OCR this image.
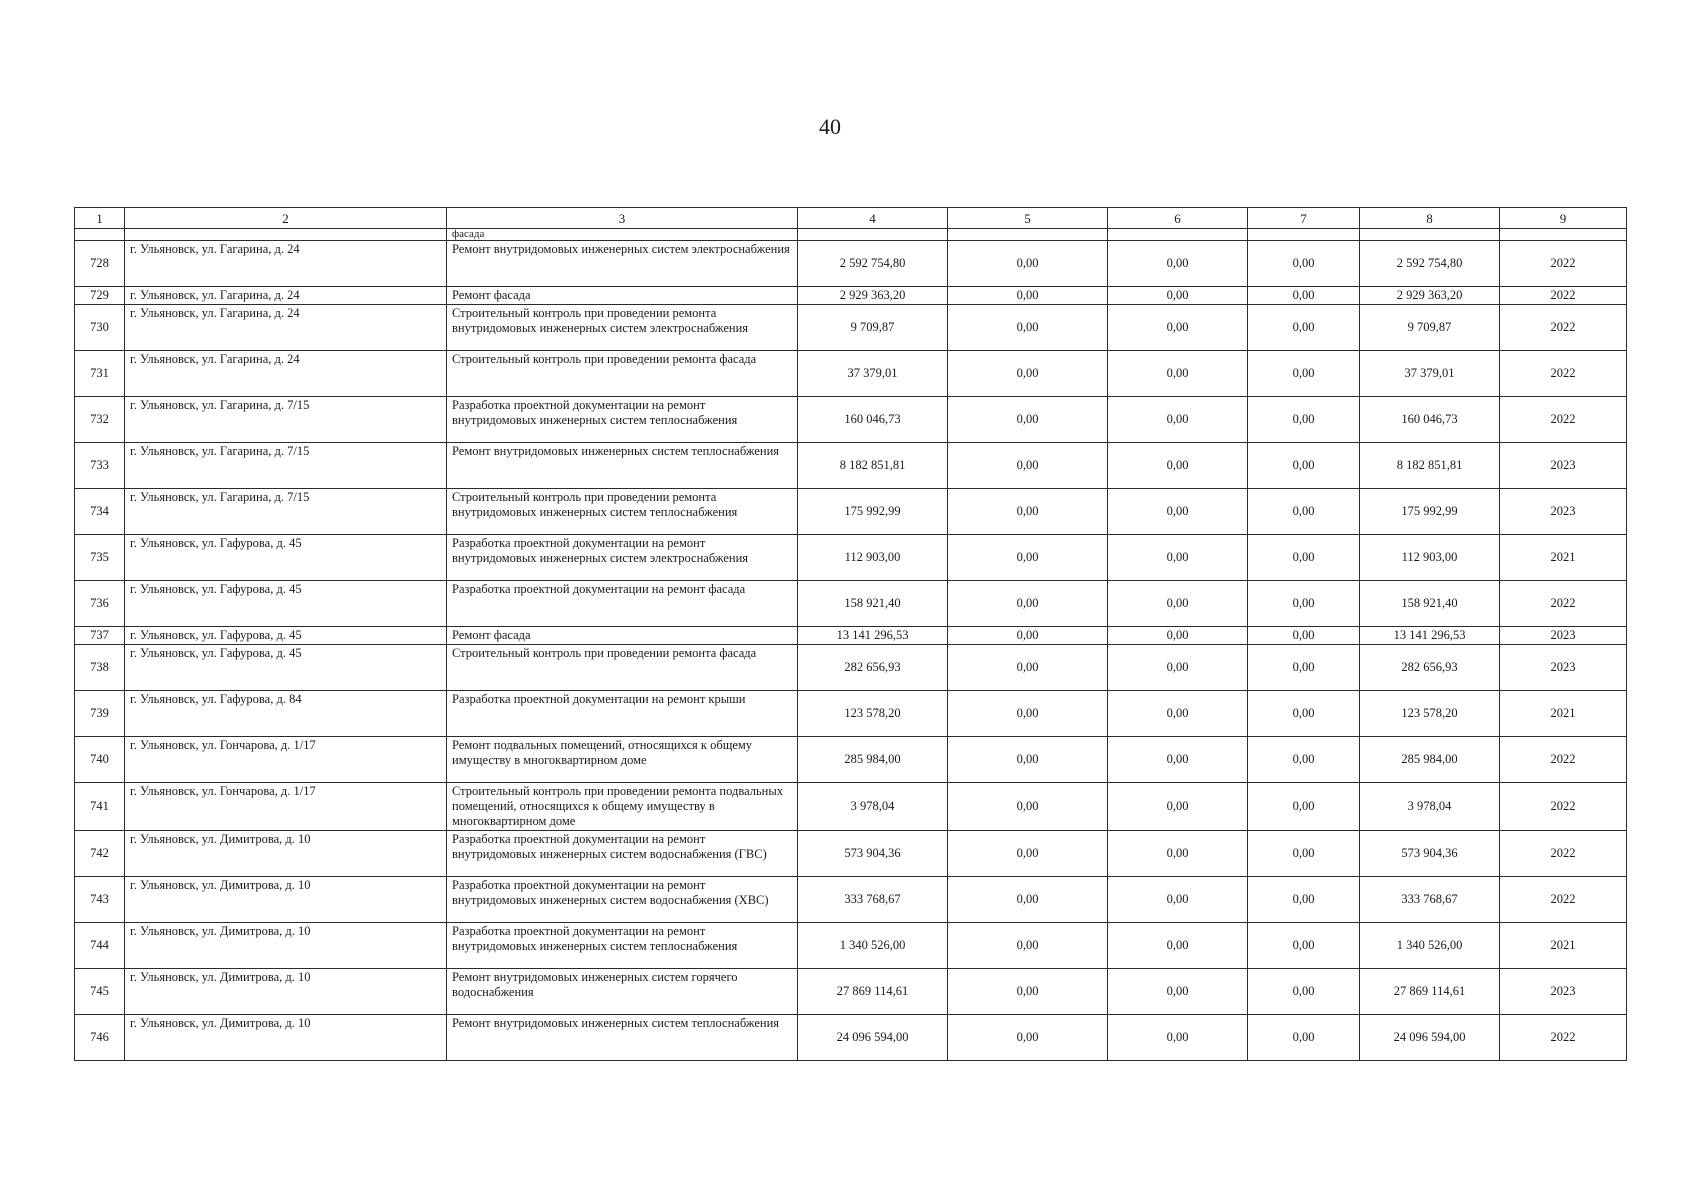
40
1	2	3	4	5	6	7	8	9
		фасада						
728	г. Ульяновск, ул. Гагарина, д. 24	Ремонт внутридомовых инженерных систем электроснабжения	2 592 754,80	0,00	0,00	0,00	2 592 754,80	2022
729	г. Ульяновск, ул. Гагарина, д. 24	Ремонт фасада	2 929 363,20	0,00	0,00	0,00	2 929 363,20	2022
730	г. Ульяновск, ул. Гагарина, д. 24	Строительный контроль при проведении ремонта внутридомовых инженерных систем электроснабжения	9 709,87	0,00	0,00	0,00	9 709,87	2022
731	г. Ульяновск, ул. Гагарина, д. 24	Строительный контроль при проведении ремонта фасада	37 379,01	0,00	0,00	0,00	37 379,01	2022
732	г. Ульяновск, ул. Гагарина, д. 7/15	Разработка проектной документации на ремонт внутридомовых инженерных систем теплоснабжения	160 046,73	0,00	0,00	0,00	160 046,73	2022
733	г. Ульяновск, ул. Гагарина, д. 7/15	Ремонт внутридомовых инженерных систем теплоснабжения	8 182 851,81	0,00	0,00	0,00	8 182 851,81	2023
734	г. Ульяновск, ул. Гагарина, д. 7/15	Строительный контроль при проведении ремонта внутридомовых инженерных систем теплоснабжения	175 992,99	0,00	0,00	0,00	175 992,99	2023
735	г. Ульяновск, ул. Гафурова, д. 45	Разработка проектной документации на ремонт внутридомовых инженерных систем электроснабжения	112 903,00	0,00	0,00	0,00	112 903,00	2021
736	г. Ульяновск, ул. Гафурова, д. 45	Разработка проектной документации на ремонт фасада	158 921,40	0,00	0,00	0,00	158 921,40	2022
737	г. Ульяновск, ул. Гафурова, д. 45	Ремонт фасада	13 141 296,53	0,00	0,00	0,00	13 141 296,53	2023
738	г. Ульяновск, ул. Гафурова, д. 45	Строительный контроль при проведении ремонта фасада	282 656,93	0,00	0,00	0,00	282 656,93	2023
739	г. Ульяновск, ул. Гафурова, д. 84	Разработка проектной документации на ремонт крыши	123 578,20	0,00	0,00	0,00	123 578,20	2021
740	г. Ульяновск, ул. Гончарова, д. 1/17	Ремонт подвальных помещений, относящихся к общему имуществу в многоквартирном доме	285 984,00	0,00	0,00	0,00	285 984,00	2022
741	г. Ульяновск, ул. Гончарова, д. 1/17	Строительный контроль при проведении ремонта подвальных помещений, относящихся к общему имуществу в многоквартирном доме	3 978,04	0,00	0,00	0,00	3 978,04	2022
742	г. Ульяновск, ул. Димитрова, д. 10	Разработка проектной документации на ремонт внутридомовых инженерных систем водоснабжения (ГВС)	573 904,36	0,00	0,00	0,00	573 904,36	2022
743	г. Ульяновск, ул. Димитрова, д. 10	Разработка проектной документации на ремонт внутридомовых инженерных систем водоснабжения (ХВС)	333 768,67	0,00	0,00	0,00	333 768,67	2022
744	г. Ульяновск, ул. Димитрова, д. 10	Разработка проектной документации на ремонт внутридомовых инженерных систем теплоснабжения	1 340 526,00	0,00	0,00	0,00	1 340 526,00	2021
745	г. Ульяновск, ул. Димитрова, д. 10	Ремонт внутридомовых инженерных систем горячего водоснабжения	27 869 114,61	0,00	0,00	0,00	27 869 114,61	2023
746	г. Ульяновск, ул. Димитрова, д. 10	Ремонт внутридомовых инженерных систем теплоснабжения	24 096 594,00	0,00	0,00	0,00	24 096 594,00	2022
